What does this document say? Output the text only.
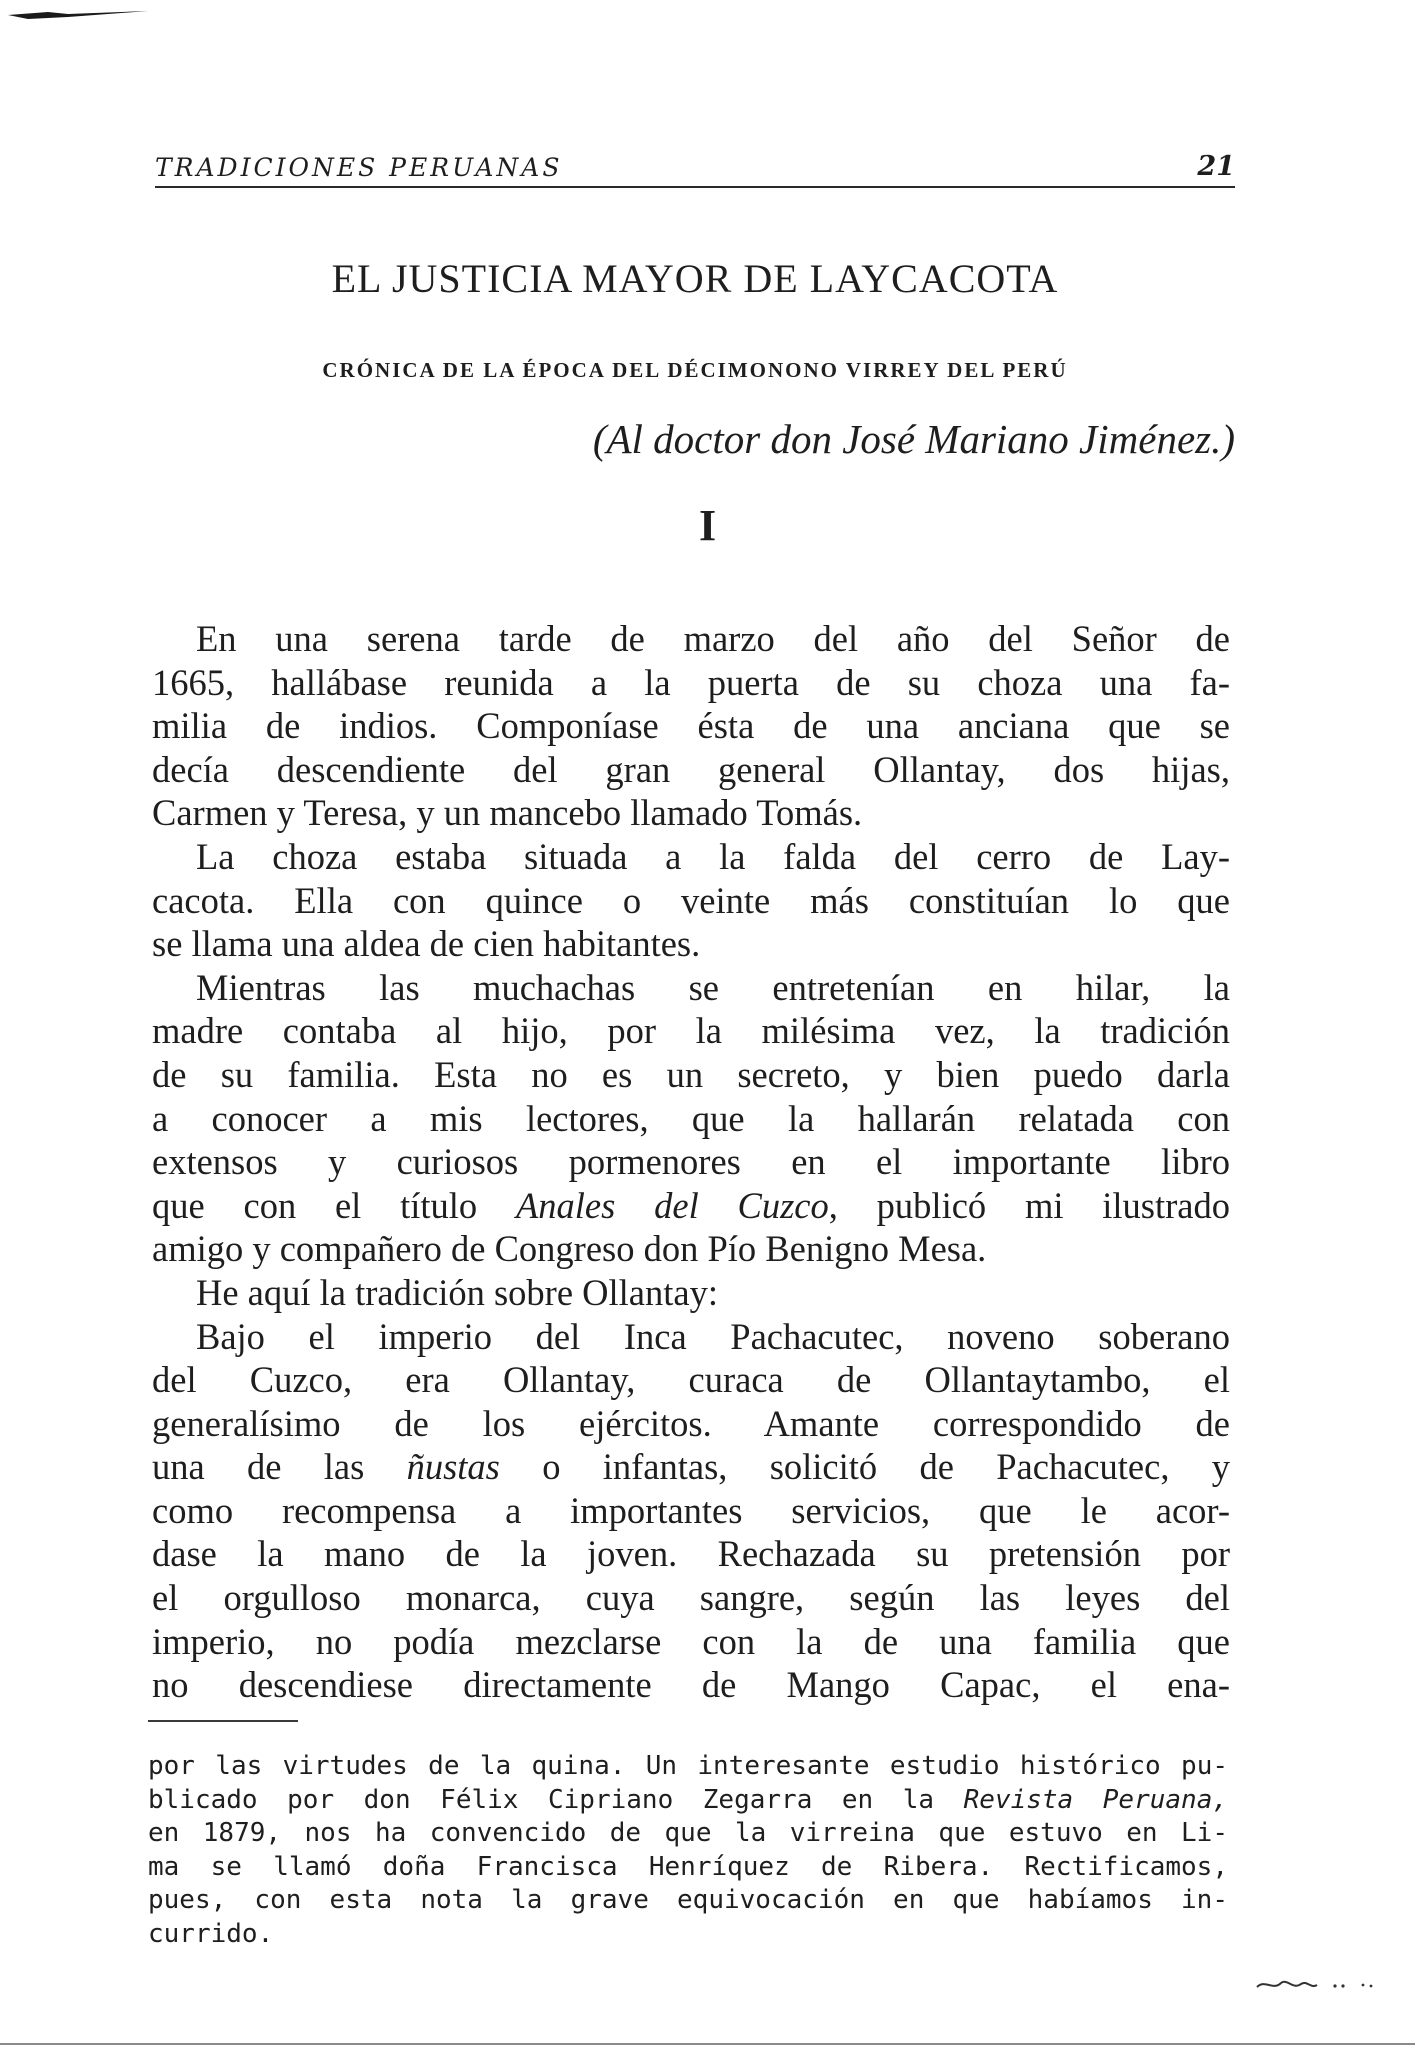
TRADICIONES PERUANAS	21
EL JUSTICIA MAYOR DE LAYCACOTA
CRÓNICA DE LA ÉPOCA DEL DÉCIMONONO VIRREY DEL PERÚ
(Al doctor don José Mariano Jiménez.)
I
En una serena tarde de marzo del año del Señor de
1665, hallábase reunida a la puerta de su choza una fa-
milia de indios. Componíase ésta de una anciana que se
decía descendiente del gran general Ollantay, dos hijas,
Carmen y Teresa, y un mancebo llamado Tomás.
La choza estaba situada a la falda del cerro de Lay-
cacota. Ella con quince o veinte más constituían lo que
se llama una aldea de cien habitantes.
Mientras las muchachas se entretenían en hilar, la
madre contaba al hijo, por la milésima vez, la tradición
de su familia. Esta no es un secreto, y bien puedo darla
a conocer a mis lectores, que la hallarán relatada con
extensos y curiosos pormenores en el importante libro
que con el título Anales del Cuzco, publicó mi ilustrado
amigo y compañero de Congreso don Pío Benigno Mesa.
He aquí la tradición sobre Ollantay:
Bajo el imperio del Inca Pachacutec, noveno soberano
del Cuzco, era Ollantay, curaca de Ollantaytambo, el
generalísimo de los ejércitos. Amante correspondido de
una de las ñustas o infantas, solicitó de Pachacutec, y
como recompensa a importantes servicios, que le acor-
dase la mano de la joven. Rechazada su pretensión por
el orgulloso monarca, cuya sangre, según las leyes del
imperio, no podía mezclarse con la de una familia que
no descendiese directamente de Mango Capac, el ena-
por las virtudes de la quina. Un interesante estudio histórico pu-
blicado por don Félix Cipriano Zegarra en la Revista Peruana,
en 1879, nos ha convencido de que la virreina que estuvo en Li-
ma se llamó doña Francisca Henríquez de Ribera. Rectificamos,
pues, con esta nota la grave equivocación en que habíamos in-
currido.
